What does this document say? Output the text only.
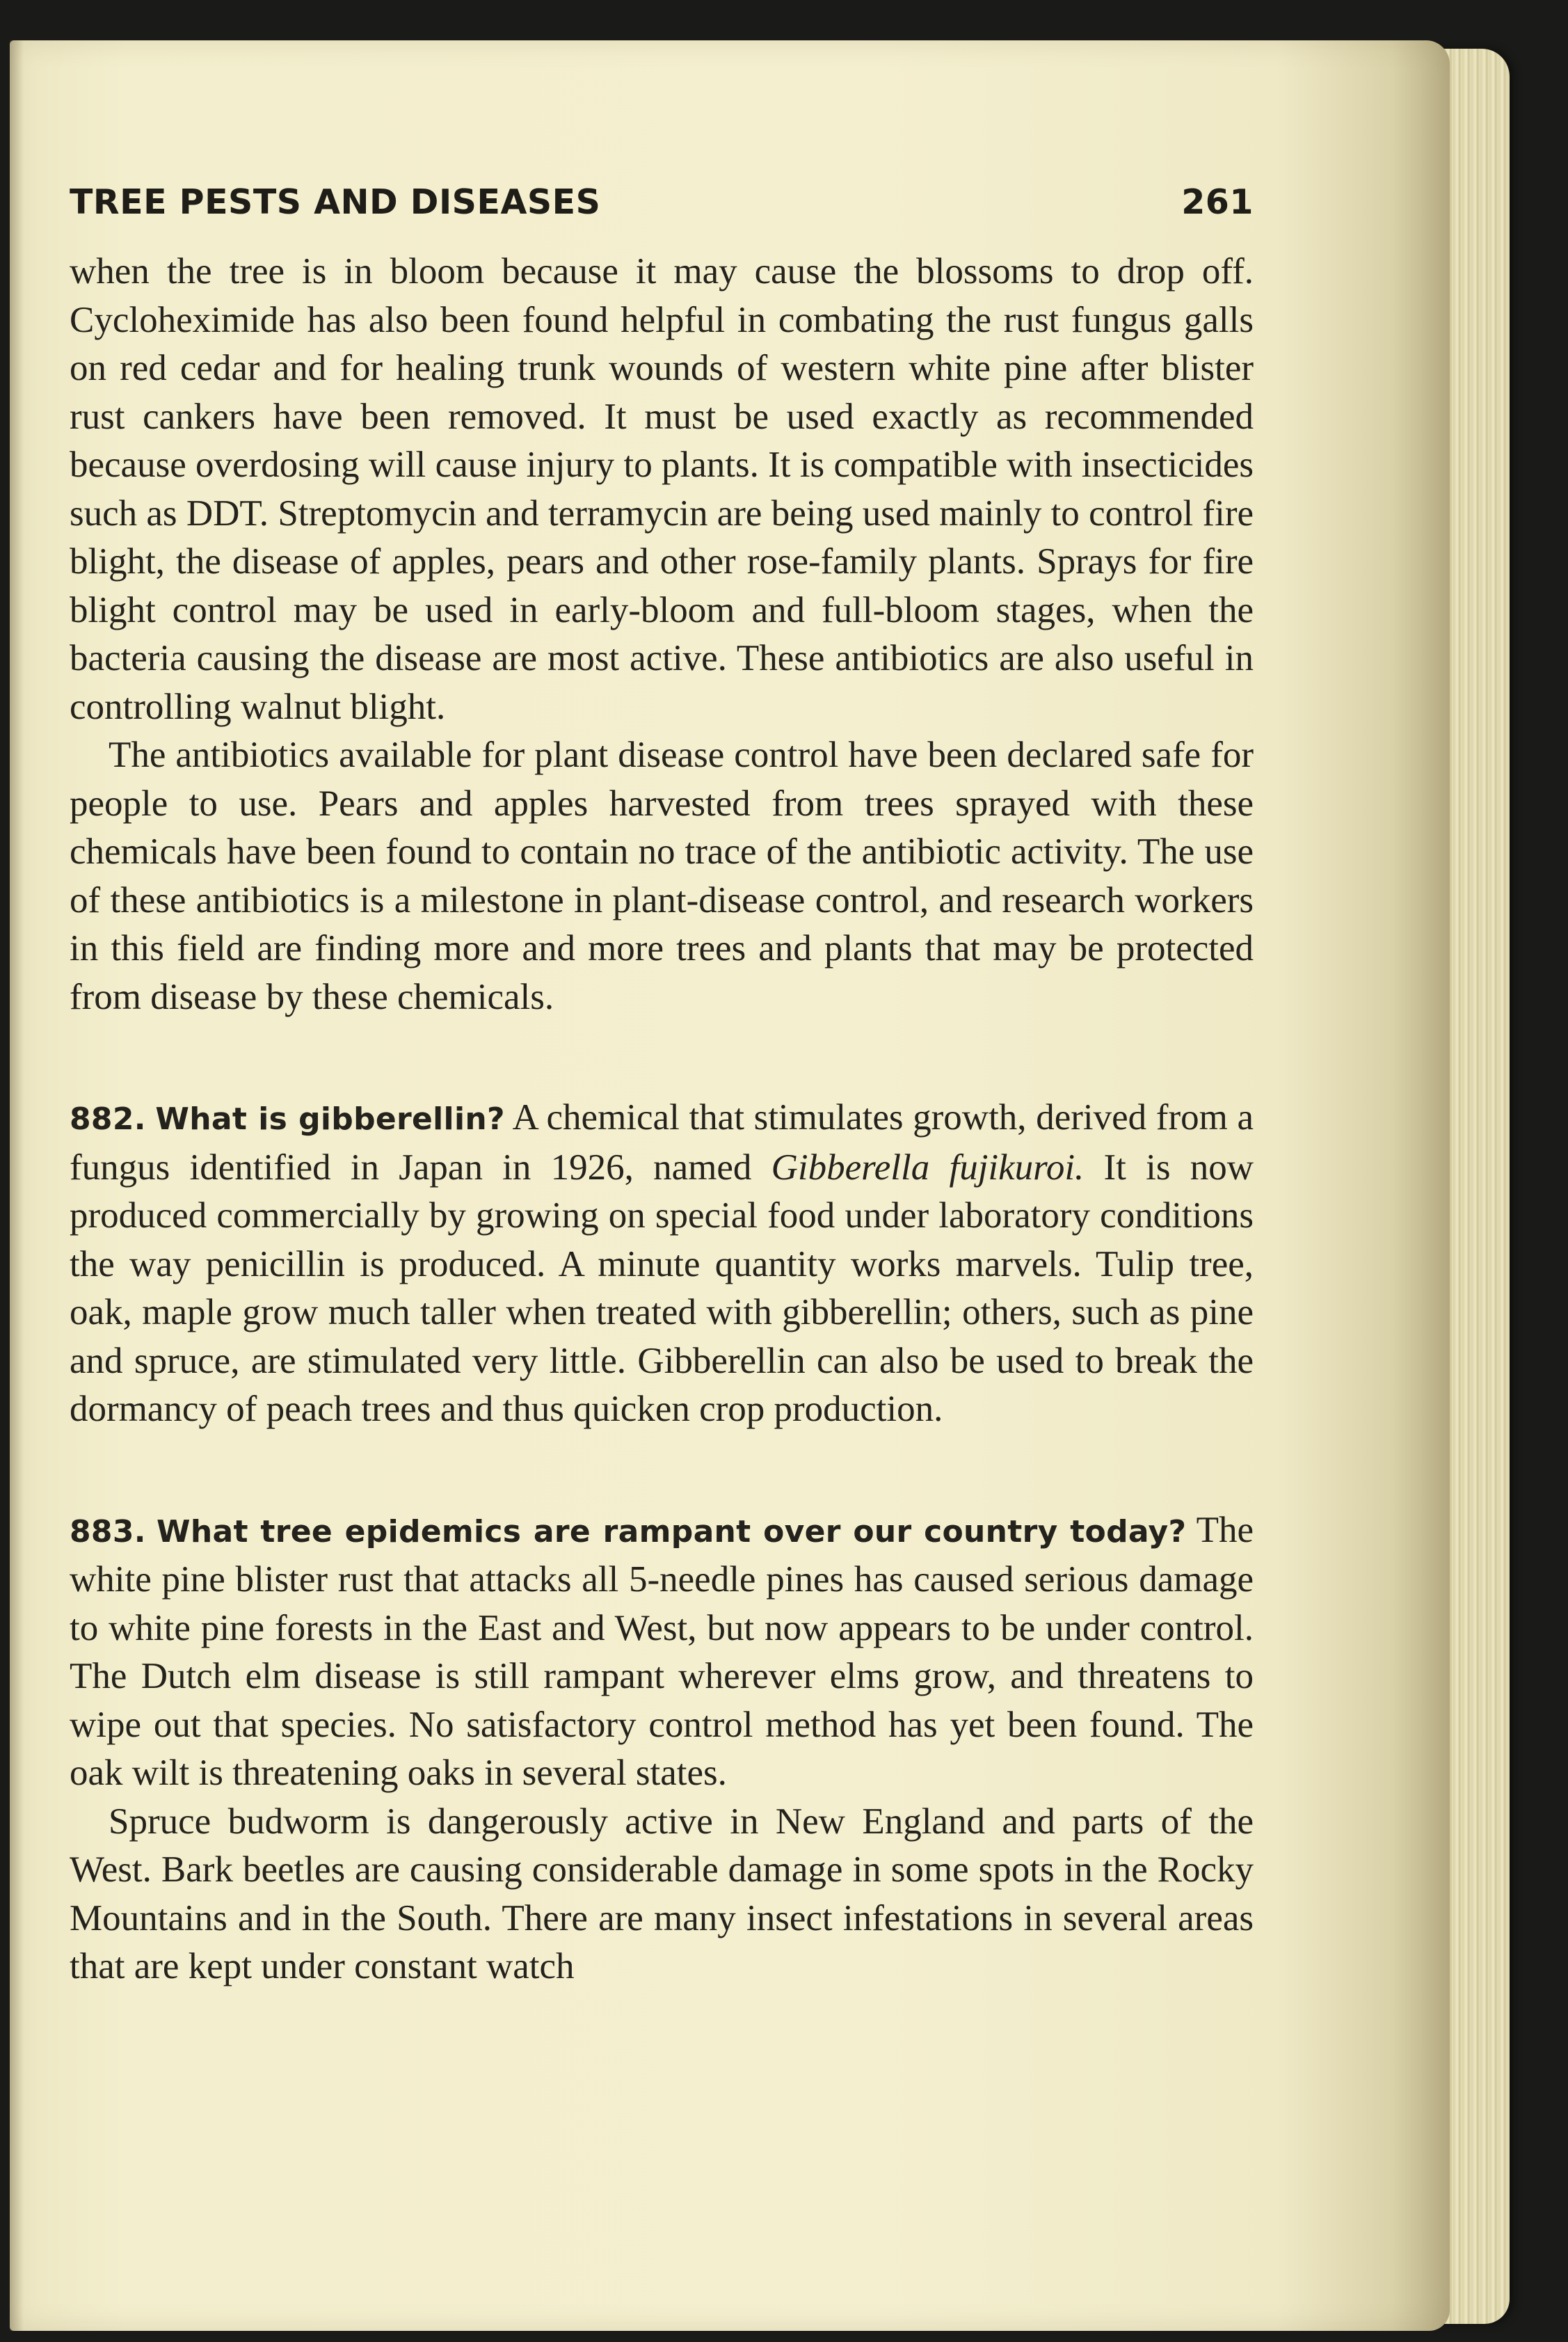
TREE PESTS AND DISEASES	261

when the tree is in bloom because it may cause the blossoms to drop off. Cycloheximide has also been found helpful in combating the rust fungus galls on red cedar and for healing trunk wounds of western white pine after blister rust cankers have been removed. It must be used exactly as recommended because overdosing will cause injury to plants. It is compatible with insecticides such as DDT. Streptomycin and terramycin are being used mainly to control fire blight, the disease of apples, pears and other rose-family plants. Sprays for fire blight control may be used in early-bloom and full-bloom stages, when the bacteria causing the disease are most active. These antibiotics are also useful in controlling walnut blight.

The antibiotics available for plant disease control have been declared safe for people to use. Pears and apples harvested from trees sprayed with these chemicals have been found to contain no trace of the antibiotic activity. The use of these antibiotics is a milestone in plant-disease control, and research workers in this field are finding more and more trees and plants that may be protected from disease by these chemicals.

882. What is gibberellin? A chemical that stimulates growth, derived from a fungus identified in Japan in 1926, named Gibberella fujikuroi. It is now produced commercially by growing on special food under laboratory conditions the way penicillin is produced. A minute quantity works marvels. Tulip tree, oak, maple grow much taller when treated with gibberellin; others, such as pine and spruce, are stimulated very little. Gibberellin can also be used to break the dormancy of peach trees and thus quicken crop production.

883. What tree epidemics are rampant over our country today? The white pine blister rust that attacks all 5-needle pines has caused serious damage to white pine forests in the East and West, but now appears to be under control. The Dutch elm disease is still rampant wherever elms grow, and threatens to wipe out that species. No satisfactory control method has yet been found. The oak wilt is threatening oaks in several states.

Spruce budworm is dangerously active in New England and parts of the West. Bark beetles are causing considerable damage in some spots in the Rocky Mountains and in the South. There are many insect infestations in several areas that are kept under constant watch
